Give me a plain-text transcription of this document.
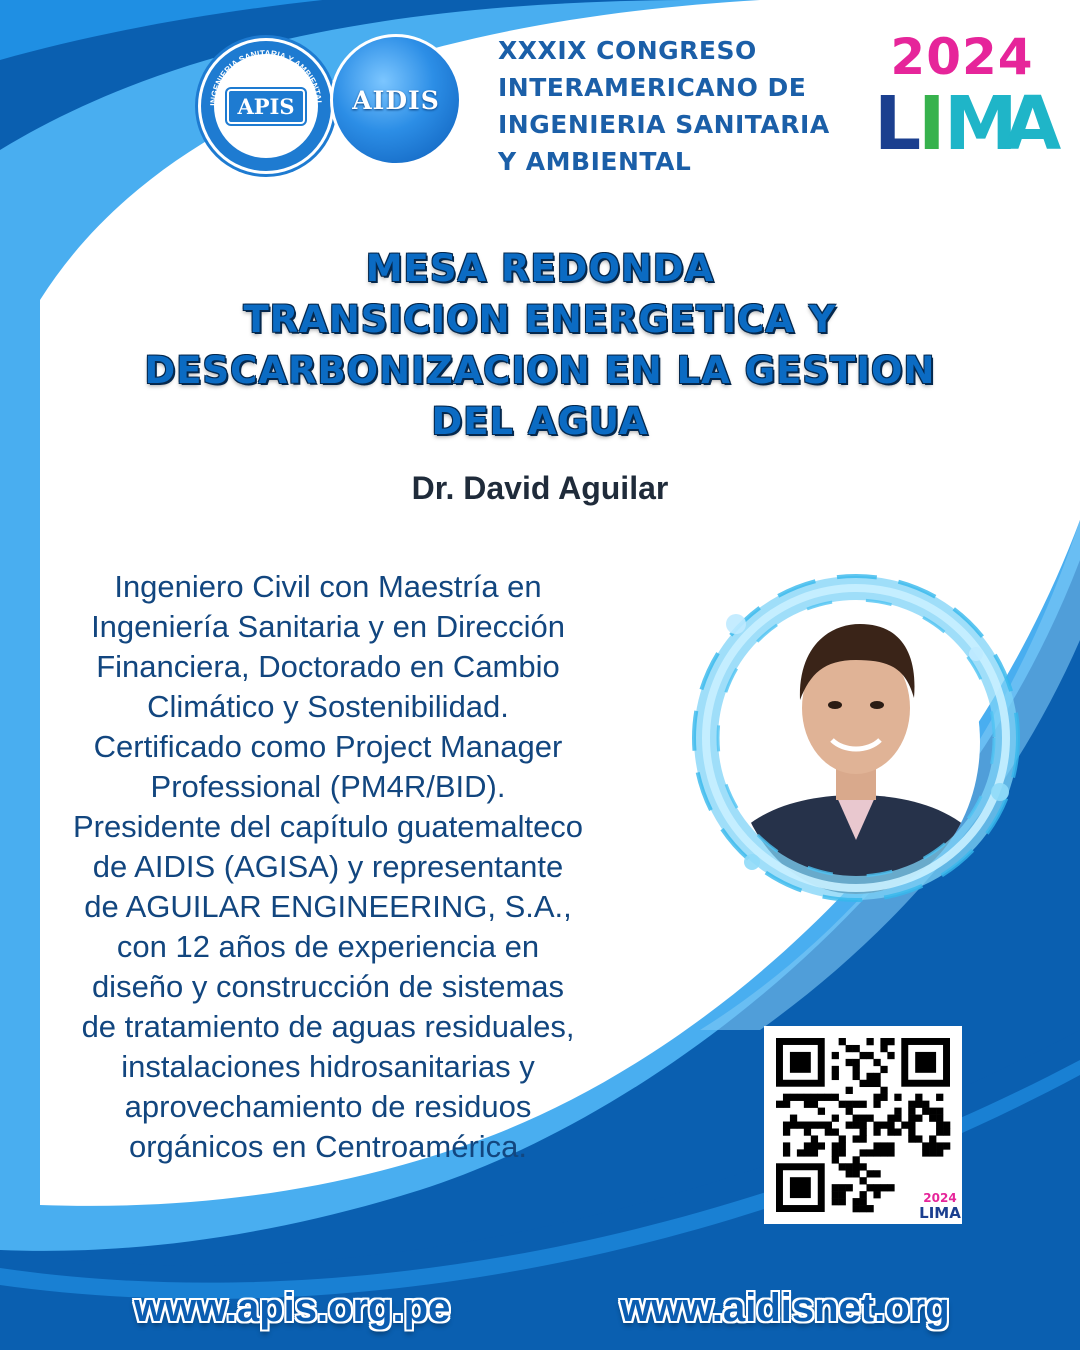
APIS
INGENIERIA SANITARIA Y AMBIENTAL
ASOCIACION PERUANA
AIDIS
XXXIX CONGRESO
INTERAMERICANO DE
INGENIERIA SANITARIA
Y AMBIENTAL
2024
L
I
M
A
MESA REDONDA
TRANSICION ENERGETICA Y
DESCARBONIZACION EN LA GESTION
DEL AGUA
Dr. David Aguilar
Ingeniero Civil con Maestría en
Ingeniería Sanitaria y en Dirección
Financiera, Doctorado en Cambio
Climático y Sostenibilidad.
Certificado como Project Manager
Professional (PM4R/BID).
Presidente del capítulo guatemalteco
de AIDIS (AGISA) y representante
de AGUILAR ENGINEERING, S.A.,
con 12 años de experiencia en
diseño y construcción de sistemas
de tratamiento de aguas residuales,
instalaciones hidrosanitarias y
aprovechamiento de residuos
orgánicos en Centroamérica.
2024
LIMA
www.apis.org.pe	www.aidisnet.org
